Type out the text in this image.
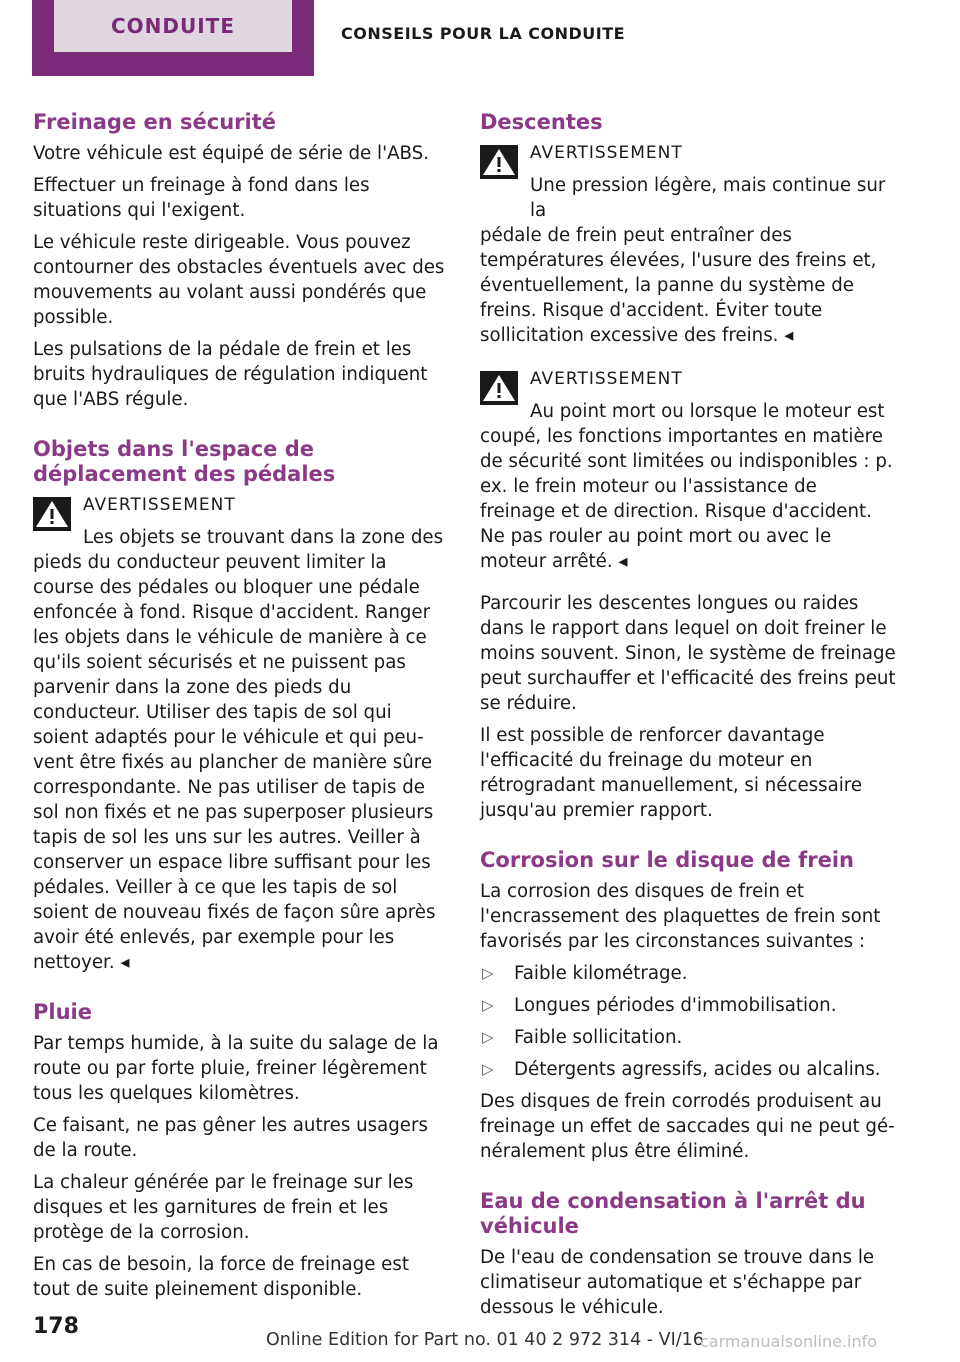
CONDUITE	CONSEILS POUR LA CONDUITE
Freinage en sécurité

Votre véhicule est équipé de série de l'ABS.

Effectuer un freinage à fond dans les situations qui l'exigent.

Le véhicule reste dirigeable. Vous pouvez contourner des obstacles éventuels avec des mouvements au volant aussi pondérés que possible.

Les pulsations de la pédale de frein et les bruits hydrauliques de régulation indiquent que l'ABS régule.

Objets dans l'espace de déplacement des pédales
AVERTISSEMENT
Les objets se trouvant dans la zone des
pieds du conducteur peuvent limiter la course des pédales ou bloquer une pédale enfoncée à fond. Risque d'accident. Ranger les objets dans le véhicule de manière à ce qu'ils soient sécurisés et ne puissent pas parvenir dans la zone des pieds du conducteur. Utiliser des tapis de sol qui soient adaptés pour le véhicule et qui peuvent être fixés au plancher de manière sûre correspondante. Ne pas utiliser de tapis de sol non fixés et ne pas superposer plusieurs tapis de sol les uns sur les autres. Veiller à conserver un espace libre suffisant pour les pédales. Veiller à ce que les tapis de sol soient de nouveau fixés de façon sûre après avoir été enlevés, par exemple pour les nettoyer. ◂
Pluie

Par temps humide, à la suite du salage de la route ou par forte pluie, freiner légèrement tous les quelques kilomètres.

Ce faisant, ne pas gêner les autres usagers de la route.

La chaleur générée par le freinage sur les disques et les garnitures de frein et les protège de la corrosion.

En cas de besoin, la force de freinage est tout de suite pleinement disponible.

Descentes
AVERTISSEMENT
Une pression légère, mais continue sur la
pédale de frein peut entraîner des températures élevées, l'usure des freins et, éventuellement, la panne du système de freins. Risque d'accident. Éviter toute sollicitation excessive des freins. ◂
AVERTISSEMENT
Au point mort ou lorsque le moteur est
coupé, les fonctions importantes en matière de sécurité sont limitées ou indisponibles : p. ex. le frein moteur ou l'assistance de freinage et de direction. Risque d'accident. Ne pas rouler au point mort ou avec le moteur arrêté. ◂

Parcourir les descentes longues ou raides dans le rapport dans lequel on doit freiner le moins souvent. Sinon, le système de freinage peut surchauffer et l'efficacité des freins peut se réduire.

Il est possible de renforcer davantage l'efficacité du freinage du moteur en rétrogradant manuellement, si nécessaire jusqu'au premier rapport.

Corrosion sur le disque de frein

La corrosion des disques de frein et l'encrassement des plaquettes de frein sont favorisés par les circonstances suivantes :

▷ Faible kilométrage.
▷ Longues périodes d'immobilisation.
▷ Faible sollicitation.
▷ Détergents agressifs, acides ou alcalins.

Des disques de frein corrodés produisent au freinage un effet de saccades qui ne peut généralement plus être éliminé.

Eau de condensation à l'arrêt du véhicule

De l'eau de condensation se trouve dans le climatiseur automatique et s'échappe par dessous le véhicule.

178
Online Edition for Part no. 01 40 2 972 314 - VI/16
carmanualsonline.info
